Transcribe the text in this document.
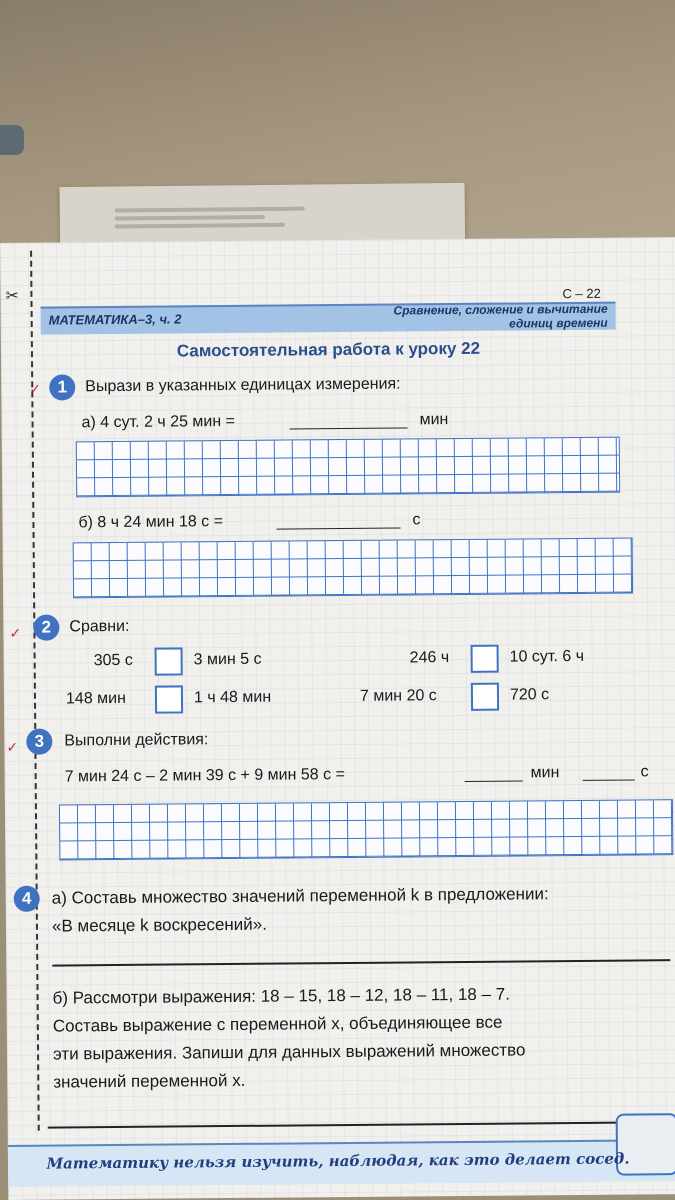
✂	С – 22
МАТЕМАТИКА–3, ч. 2
Сравнение, сложение и вычитание
единиц времени
Самостоятельная работа к уроку 22
✓ 1	Вырази в указанных единицах измерения:
а) 4 сут. 2 ч 25 мин =	мин
б) 8 ч 24 мин 18 с =	с
✓	2	Сравни:
305 с	3 мин 5 с	246 ч	10 сут. 6 ч
148 мин	1 ч 48 мин	7 мин 20 с	720 с
✓ 3	Выполни действия:
7 мин 24 с – 2 мин 39 с + 9 мин 58 с =	мин	с
4	а) Составь множество значений переменной k в предложении:
«В месяце k воскресений».
б) Рассмотри выражения: 18 – 15, 18 – 12, 18 – 11, 18 – 7.
Составь выражение с переменной x, объединяющее все
эти выражения. Запиши для данных выражений множество
значений переменной x.
Математику нельзя изучить, наблюдая, как это делает сосед.
